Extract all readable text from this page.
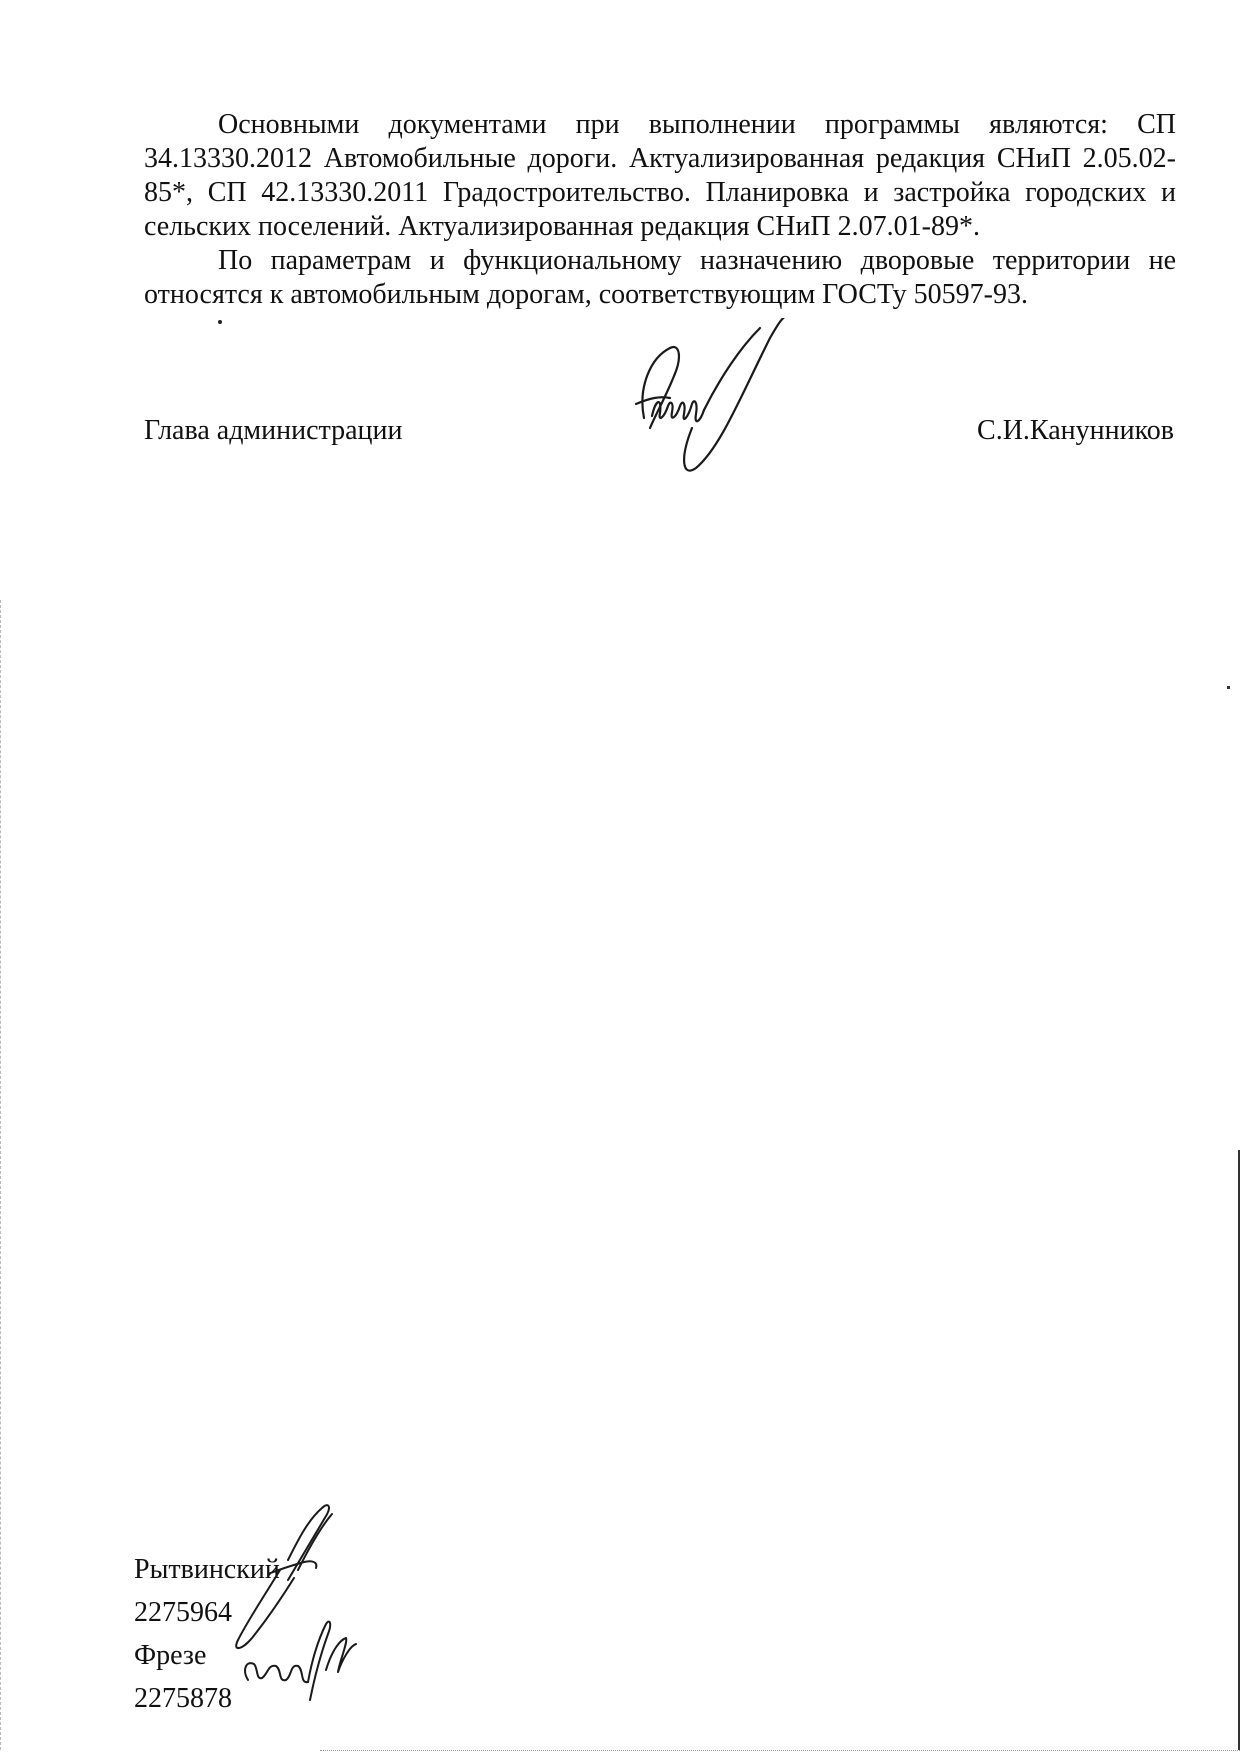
Основными документами при выполнении программы являются: СП 34.13330.2012 Автомобильные дороги. Актуализированная редакция СНиП 2.05.02-85*, СП 42.13330.2011 Градостроительство. Планировка и застройка городских и сельских поселений. Актуализированная редакция СНиП 2.07.01-89*.

По параметрам и функциональному назначению дворовые территории не относятся к автомобильным дорогам, соответствующим ГОСТу 50597-93.

Глава администрации	С.И.Канунников
Рытвинский
2275964
Фрезе
2275878
